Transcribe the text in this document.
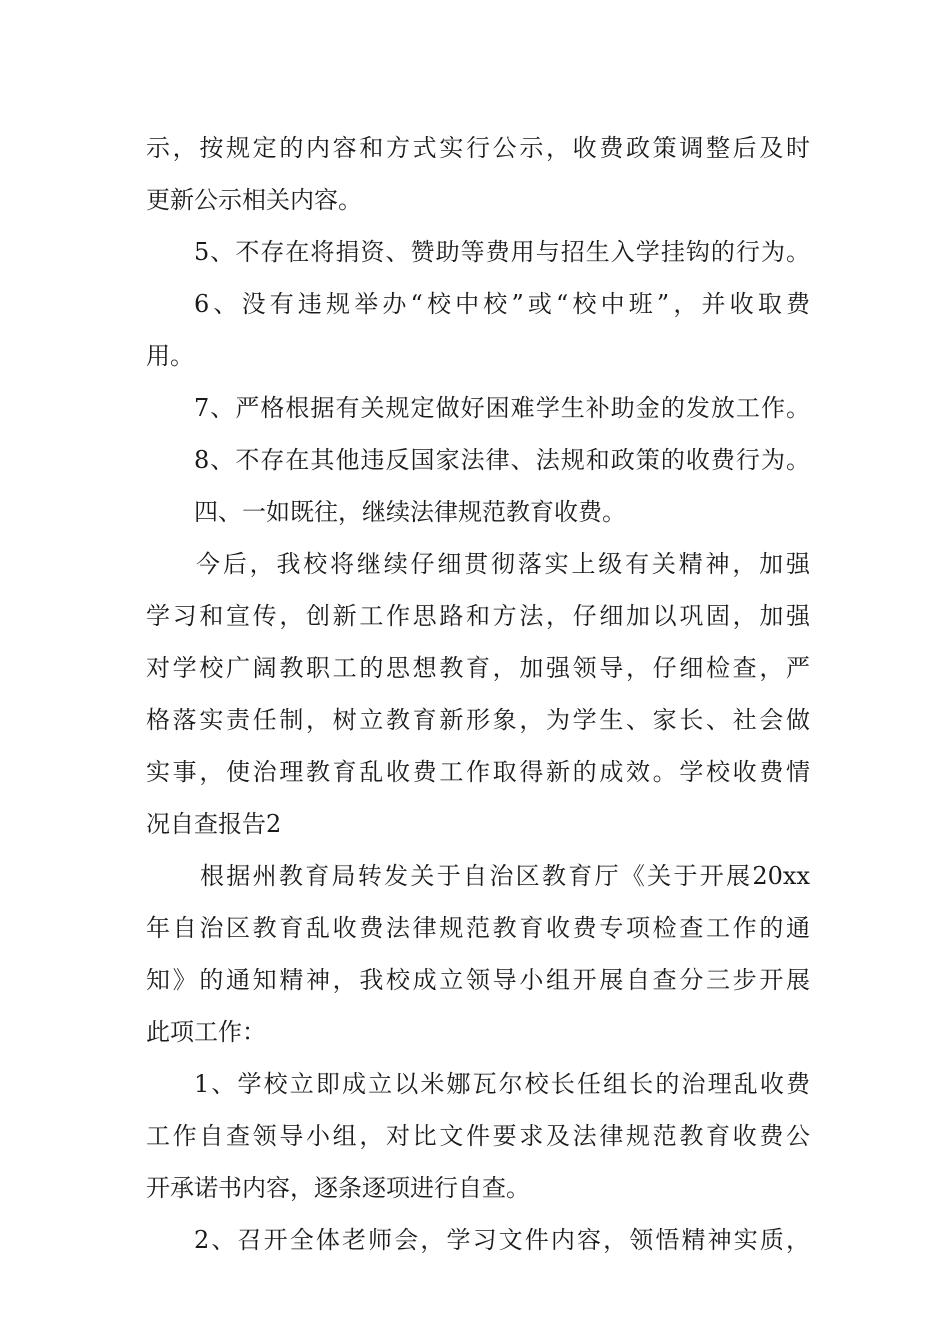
示，按规定的内容和方式实行公示，收费政策调整后及时
更新公示相关内容。
5、不存在将捐资、赞助等费用与招生入学挂钩的行为。
6、没有违规举办“校中校”或“校中班”，并收取费
用。
7、严格根据有关规定做好困难学生补助金的发放工作。
8、不存在其他违反国家法律、法规和政策的收费行为。
四、一如既往，继续法律规范教育收费。
今后，我校将继续仔细贯彻落实上级有关精神，加强
学习和宣传，创新工作思路和方法，仔细加以巩固，加强
对学校广阔教职工的思想教育，加强领导，仔细检查，严
格落实责任制，树立教育新形象，为学生、家长、社会做
实事，使治理教育乱收费工作取得新的成效。学校收费情
况自查报告2
根据州教育局转发关于自治区教育厅《关于开展20xx
年自治区教育乱收费法律规范教育收费专项检查工作的通
知》的通知精神，我校成立领导小组开展自查分三步开展
此项工作：
1、学校立即成立以米娜瓦尔校长任组长的治理乱收费
工作自查领导小组，对比文件要求及法律规范教育收费公
开承诺书内容，逐条逐项进行自查。
2、召开全体老师会，学习文件内容，领悟精神实质，
